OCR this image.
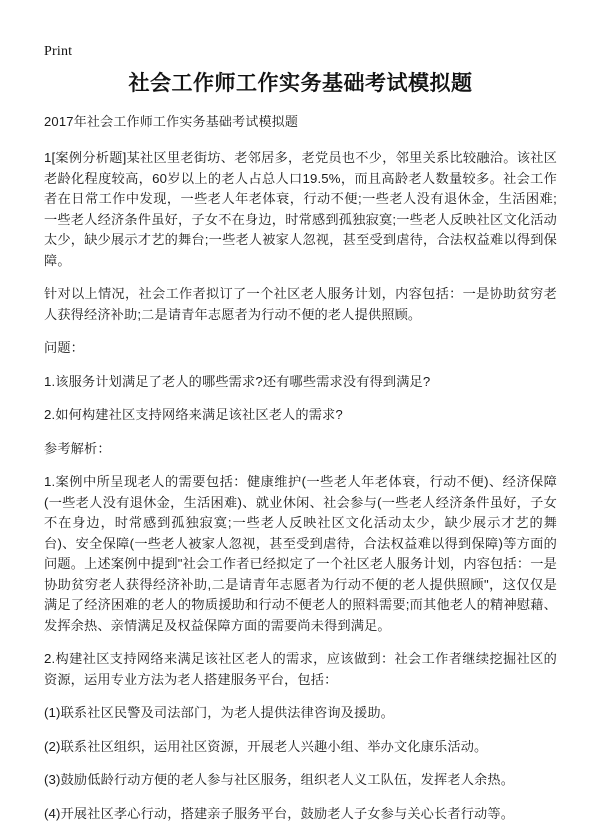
Print
社会工作师工作实务基础考试模拟题
2017年社会工作师工作实务基础考试模拟题

1[案例分析题]某社区里老街坊、老邻居多，老党员也不少，邻里关系比较融洽。该社区老龄化程度较高，60岁以上的老人占总人口19.5%，而且高龄老人数量较多。社会工作者在日常工作中发现，一些老人年老体衰，行动不便;一些老人没有退休金，生活困难;一些老人经济条件虽好，子女不在身边，时常感到孤独寂寞;一些老人反映社区文化活动太少，缺少展示才艺的舞台;一些老人被家人忽视，甚至受到虐待，合法权益难以得到保障。

针对以上情况，社会工作者拟订了一个社区老人服务计划，内容包括：一是协助贫穷老人获得经济补助;二是请青年志愿者为行动不便的老人提供照顾。

问题：

1.该服务计划满足了老人的哪些需求?还有哪些需求没有得到满足?

2.如何构建社区支持网络来满足该社区老人的需求?

参考解析：

1.案例中所呈现老人的需要包括：健康维护(一些老人年老体衰，行动不便)、经济保障(一些老人没有退休金，生活困难)、就业休闲、社会参与(一些老人经济条件虽好，子女不在身边，时常感到孤独寂寞;一些老人反映社区文化活动太少，缺少展示才艺的舞台)、安全保障(一些老人被家人忽视，甚至受到虐待，合法权益难以得到保障)等方面的问题。上述案例中提到"社会工作者已经拟定了一个社区老人服务计划，内容包括：一是协助贫穷老人获得经济补助,二是请青年志愿者为行动不便的老人提供照顾"，这仅仅是满足了经济困难的老人的物质援助和行动不便老人的照料需要;而其他老人的精神慰藉、发挥余热、亲情满足及权益保障方面的需要尚未得到满足。

2.构建社区支持网络来满足该社区老人的需求，应该做到：社会工作者继续挖掘社区的资源，运用专业方法为老人搭建服务平台，包括：

(1)联系社区民警及司法部门，为老人提供法律咨询及援助。

(2)联系社区组织，运用社区资源，开展老人兴趣小组、举办文化康乐活动。

(3)鼓励低龄行动方便的老人参与社区服务，组织老人义工队伍，发挥老人余热。

(4)开展社区孝心行动，搭建亲子服务平台，鼓励老人子女参与关心长者行动等。
